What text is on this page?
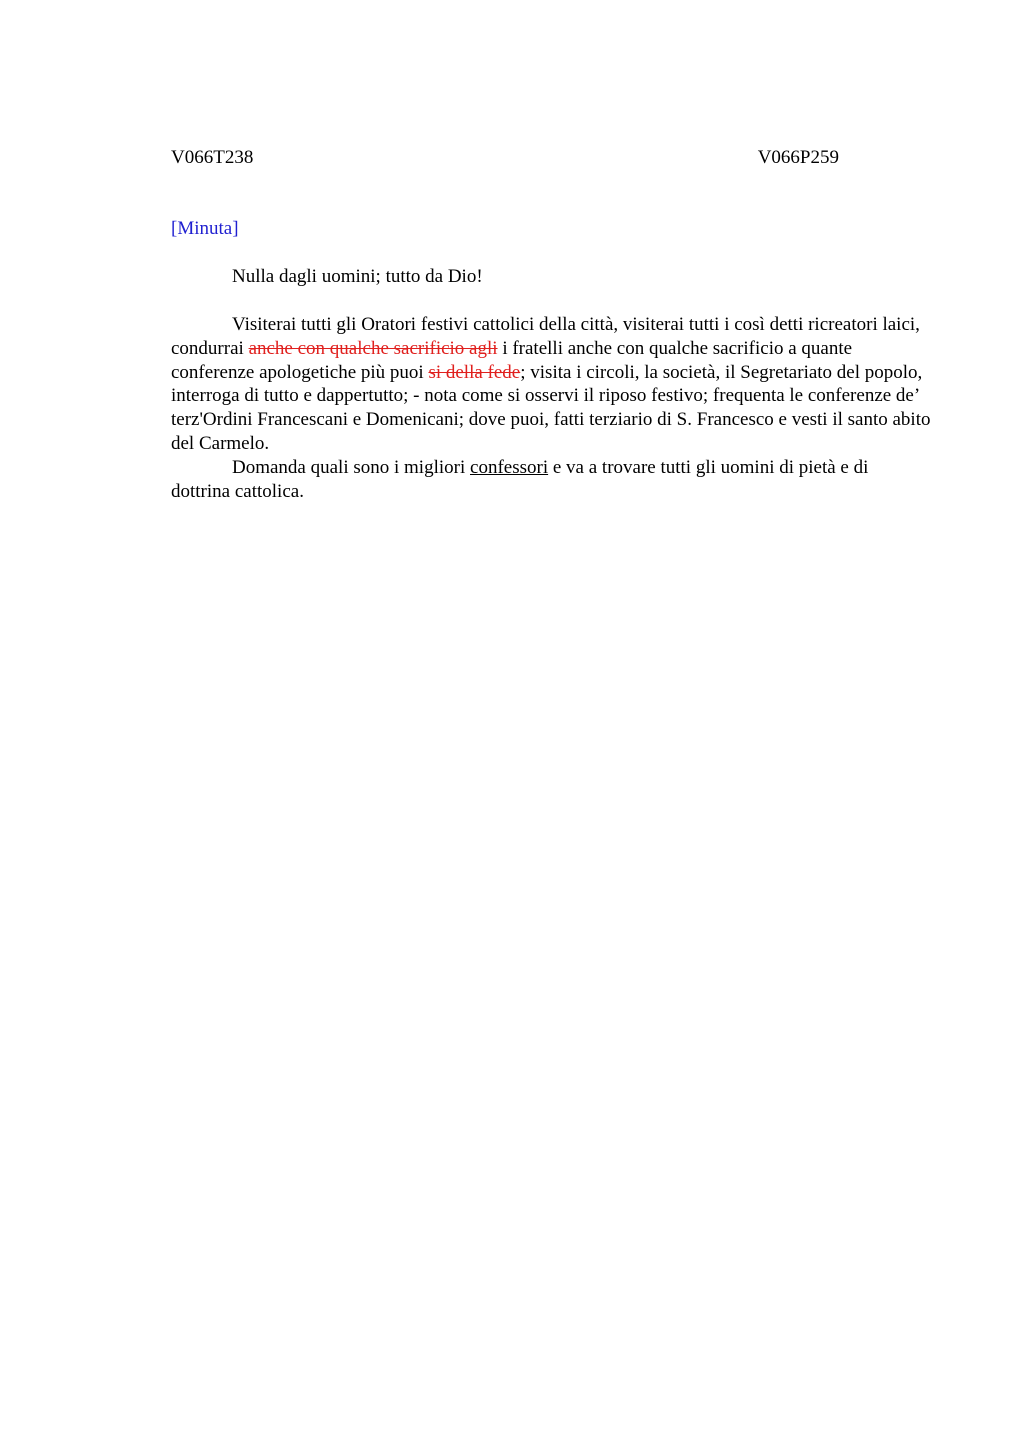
V066T238	V066P259
[Minuta]
Nulla dagli uomini; tutto da Dio!

Visiterai tutti gli Oratori festivi cattolici della città, visiterai tutti i così detti ricreatori laici, condurrai anche con qualche sacrificio agli i fratelli anche con qualche sacrificio a quante conferenze apologetiche più puoi si della fede; visita i circoli, la società, il Segretariato del popolo, interroga di tutto e dappertutto; - nota come si osservi il riposo festivo; frequenta le conferenze de’ terz'Ordini Francescani e Domenicani; dove puoi, fatti terziario di S. Francesco e vesti il santo abito del Carmelo.

Domanda quali sono i migliori confessori e va a trovare tutti gli uomini di pietà e di dottrina cattolica.
